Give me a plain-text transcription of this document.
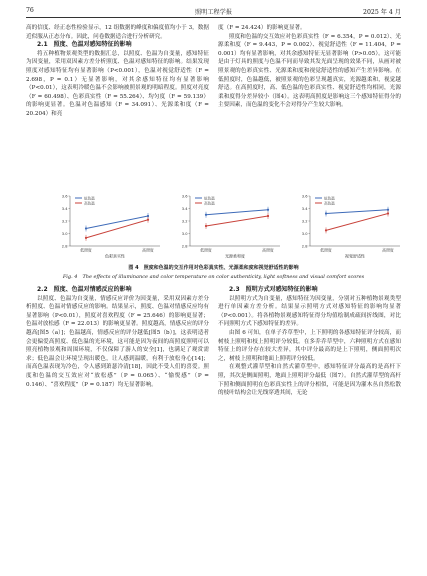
76	照明工程学报	2025 年 4 月

高的信度、经正态性检验显示，12 组数据的峰度和偏度值均小于 3，数据近似服从正态分布。因此，问卷数据适合进行分析研究。

2.1　照度、色温对感知特征的影响

将五种植物景观类型的数据汇总，以照度、色温为自变量，感知特征为因变量，采用双因素方差分析照度、色温对感知特征的影响。结果发现照度对感知特征均有显著影响（P<0.001），色温对视觉舒适性（F = 2.698，P = 0.1）无显著影响，对其余感知特征均有显著影响（P<0.01），这表明冷暖色温不会影响被照景观的明暗程度。照度对亮度（F = 60.498）、色彩真实性（F = 55.264）、均匀度（F = 59.139）的影响更显著。色温对色温感知（F = 34.091）、光源柔和度（F = 20.204）和亮

度（F = 24.424）的影响更显著。

照度和色温的交互效应对色彩真实性（F = 6.354，P = 0.012）、光源柔和度（F = 9.443，P = 0.002）、视觉舒适性（F = 11.404，P = 0.001）均有显著影响，对其余感知特征无显著影响（P>0.05）。这可能是由于灯具的照度与色温不同而导致其发光面呈现的效果不同，从画对被照景观的色彩真实性、光源柔和度和视觉舒适性的感知产生差异影响。在低照度时，色温越低，被照景观的色彩呈现越真实，光源越柔和，视觉越舒适。在高照度时，高、低色温的色彩真实性、视觉舒适性均相同，光源柔和度得分差异较小（图4）。这表明高照度是影响这三个感知特征得分的主要因素，而色温的变化不会对得分产生较大影响。

2.8
3.0
3.2
3.4
3.6
低照度	高照度
色彩真实性
低色温
高色温
2.8
3.0
3.2
3.4
3.6
低照度	高照度
光源柔和度
低色温
高色温
2.8
3.0
3.2
3.4
3.6
低照度	高照度
视觉舒适性
低色温
高色温
图 4　照度和色温的交互作用对色彩真实性、光源柔和度和视觉舒适性的影响
Fig. 4　The effects of illuminance and color temperature on color authenticity, light softness and visual comfort scores

2.2　照度、色温对情感反应的影响

以照度、色温为自变量，情感反应评价为因变量，采用双因素方差分析照度、色温对情感反应的影响。结果显示，照度、色温对情感反应均有显著影响（P<0.01），照度对喜欢程度（F = 25.646）的影响更显著；色温对放松感（F = 22.013）的影响更显著。照度越高，情感反应的评分越高[图5（a）]；色温越高，情感反应的评分越低[图5（b）]，这表明适者会更偏爱高照度、低色温的光环境，这可能是因为夜间的高照度照明可以照亮植物景观和周围环境，不仅保障了游人的安全[1]，也满足了观赏需求；低色温会让环境呈现出暖色，让人感到温暖，有利于放松身心[14]；而高色温表现为冷色，令人感到萧瑟冷清[18]，因此不受人们的喜爱。照度和色温的交互效应对“放松感”（P = 0.065）、“愉悦感”（P = 0.146）、“喜欢程度”（P = 0.187）均无显著影响。

2.3　照明方式对感知特征的影响

以照明方式为自变量，感知特征为因变量，分别对五种植物景观类型进行单因素方差分析。结果显示照明方式对感知特征的影响均显著（P<0.001）。将各植物景观感知特征得分均值绘制成疏间折线图，对比不同照明方式下感知特征的差异。

由图 6 可知，在单子乔草型中，上下照明的各感知特征评分较高，而树枝上照明和枝上照明评分较低。在多乔乔草型中，六种照明方式在感知特征上的评分存在较大差异，其中评分最高的是上下照明，侧面照明次之，树枝上照明和地面上照明评分较低。

在观整式灌草型和自然式灌草型中，感知特征评分最高的是高杆下照，其次是侧面照明，地面上照明评分最低（图7）。自然式灌草型的高杆下照和侧面照明在色彩真实性上的评分相似，可能是因为灌木丛自然松散的枝叶结构会让光线穿透其间，无论
